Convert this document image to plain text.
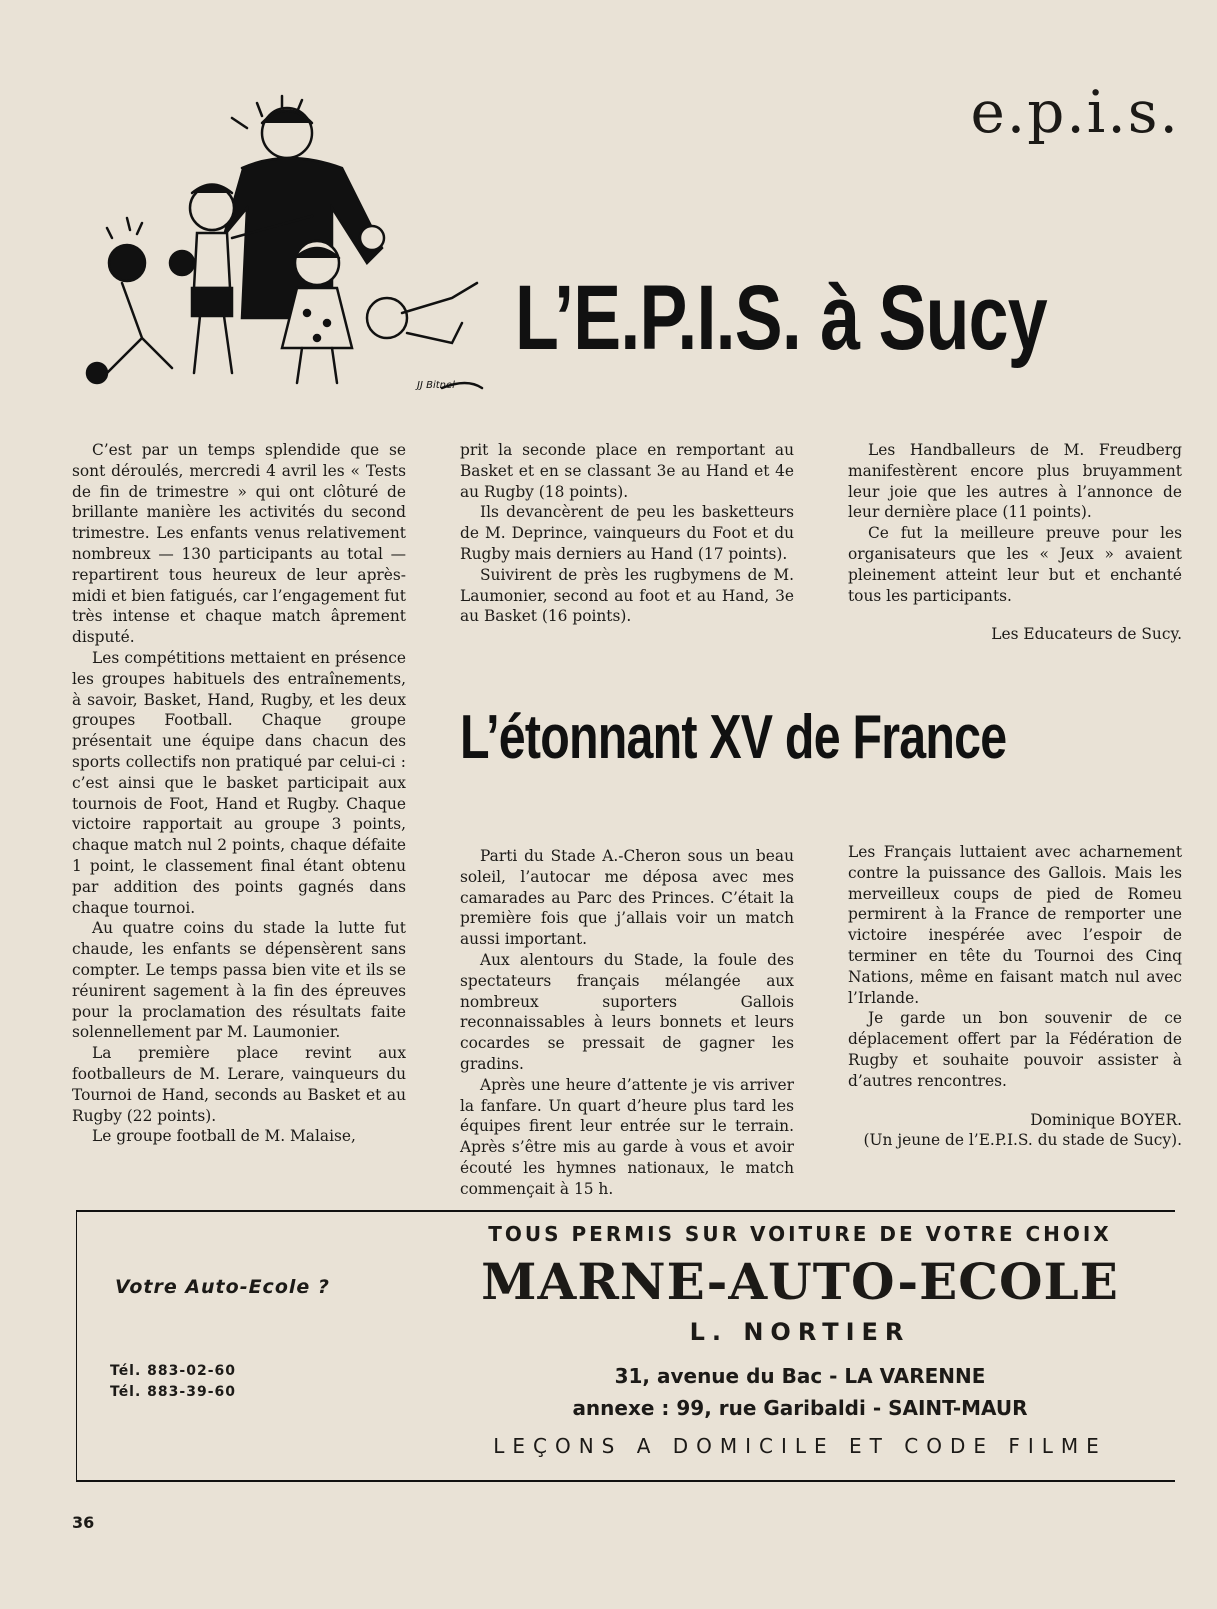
e.p.i.s.
JJ Bitnel
L’E.P.I.S. à Sucy

C’est par un temps splendide que se sont déroulés, mercredi 4 avril les « Tests de fin de trimestre » qui ont clôturé de brillante manière les activités du second trimestre. Les enfants venus relativement nombreux — 130 participants au total — repartirent tous heureux de leur après-midi et bien fatigués, car l’engagement fut très intense et chaque match âprement disputé.

Les compétitions mettaient en présence les groupes habituels des entraînements, à savoir, Basket, Hand, Rugby, et les deux groupes Football. Chaque groupe présentait une équipe dans chacun des sports collectifs non pratiqué par celui-ci : c’est ainsi que le basket participait aux tournois de Foot, Hand et Rugby. Chaque victoire rapportait au groupe 3 points, chaque match nul 2 points, chaque défaite 1 point, le classement final étant obtenu par addition des points gagnés dans chaque tournoi.

Au quatre coins du stade la lutte fut chaude, les enfants se dépensèrent sans compter. Le temps passa bien vite et ils se réunirent sagement à la fin des épreuves pour la proclamation des résultats faite solennellement par M. Laumonier.

La première place revint aux footballeurs de M. Lerare, vainqueurs du Tournoi de Hand, seconds au Basket et au Rugby (22 points).

Le groupe football de M. Malaise,

prit la seconde place en remportant au Basket et en se classant 3e au Hand et 4e au Rugby (18 points).

Ils devancèrent de peu les basketteurs de M. Deprince, vainqueurs du Foot et du Rugby mais derniers au Hand (17 points).

Suivirent de près les rugbymens de M. Laumonier, second au foot et au Hand, 3e au Basket (16 points).

Les Handballeurs de M. Freudberg manifestèrent encore plus bruyamment leur joie que les autres à l’annonce de leur dernière place (11 points).

Ce fut la meilleure preuve pour les organisateurs que les « Jeux » avaient pleinement atteint leur but et enchanté tous les participants.

Les Educateurs de Sucy.

L’étonnant XV de France

Parti du Stade A.-Cheron sous un beau soleil, l’autocar me déposa avec mes camarades au Parc des Princes. C’était la première fois que j’allais voir un match aussi important.

Aux alentours du Stade, la foule des spectateurs français mélangée aux nombreux suporters Gallois reconnaissables à leurs bonnets et leurs cocardes se pressait de gagner les gradins.

Après une heure d’attente je vis arriver la fanfare. Un quart d’heure plus tard les équipes firent leur entrée sur le terrain. Après s’être mis au garde à vous et avoir écouté les hymnes nationaux, le match commençait à 15 h.

Les Français luttaient avec acharnement contre la puissance des Gallois. Mais les merveilleux coups de pied de Romeu permirent à la France de remporter une victoire inespérée avec l’espoir de terminer en tête du Tournoi des Cinq Nations, même en faisant match nul avec l’Irlande.

Je garde un bon souvenir de ce déplacement offert par la Fédération de Rugby et souhaite pouvoir assister à d’autres rencontres.

Dominique BOYER.

(Un jeune de l’E.P.I.S. du stade de Sucy).

Votre Auto-Ecole ?
Tél. 883-02-60
Tél. 883-39-60
TOUS PERMIS SUR VOITURE DE VOTRE CHOIX
MARNE-AUTO-ECOLE
L. NORTIER
31, avenue du Bac - LA VARENNE
annexe : 99, rue Garibaldi - SAINT-MAUR
LEÇONS A DOMICILE ET CODE FILME
36
